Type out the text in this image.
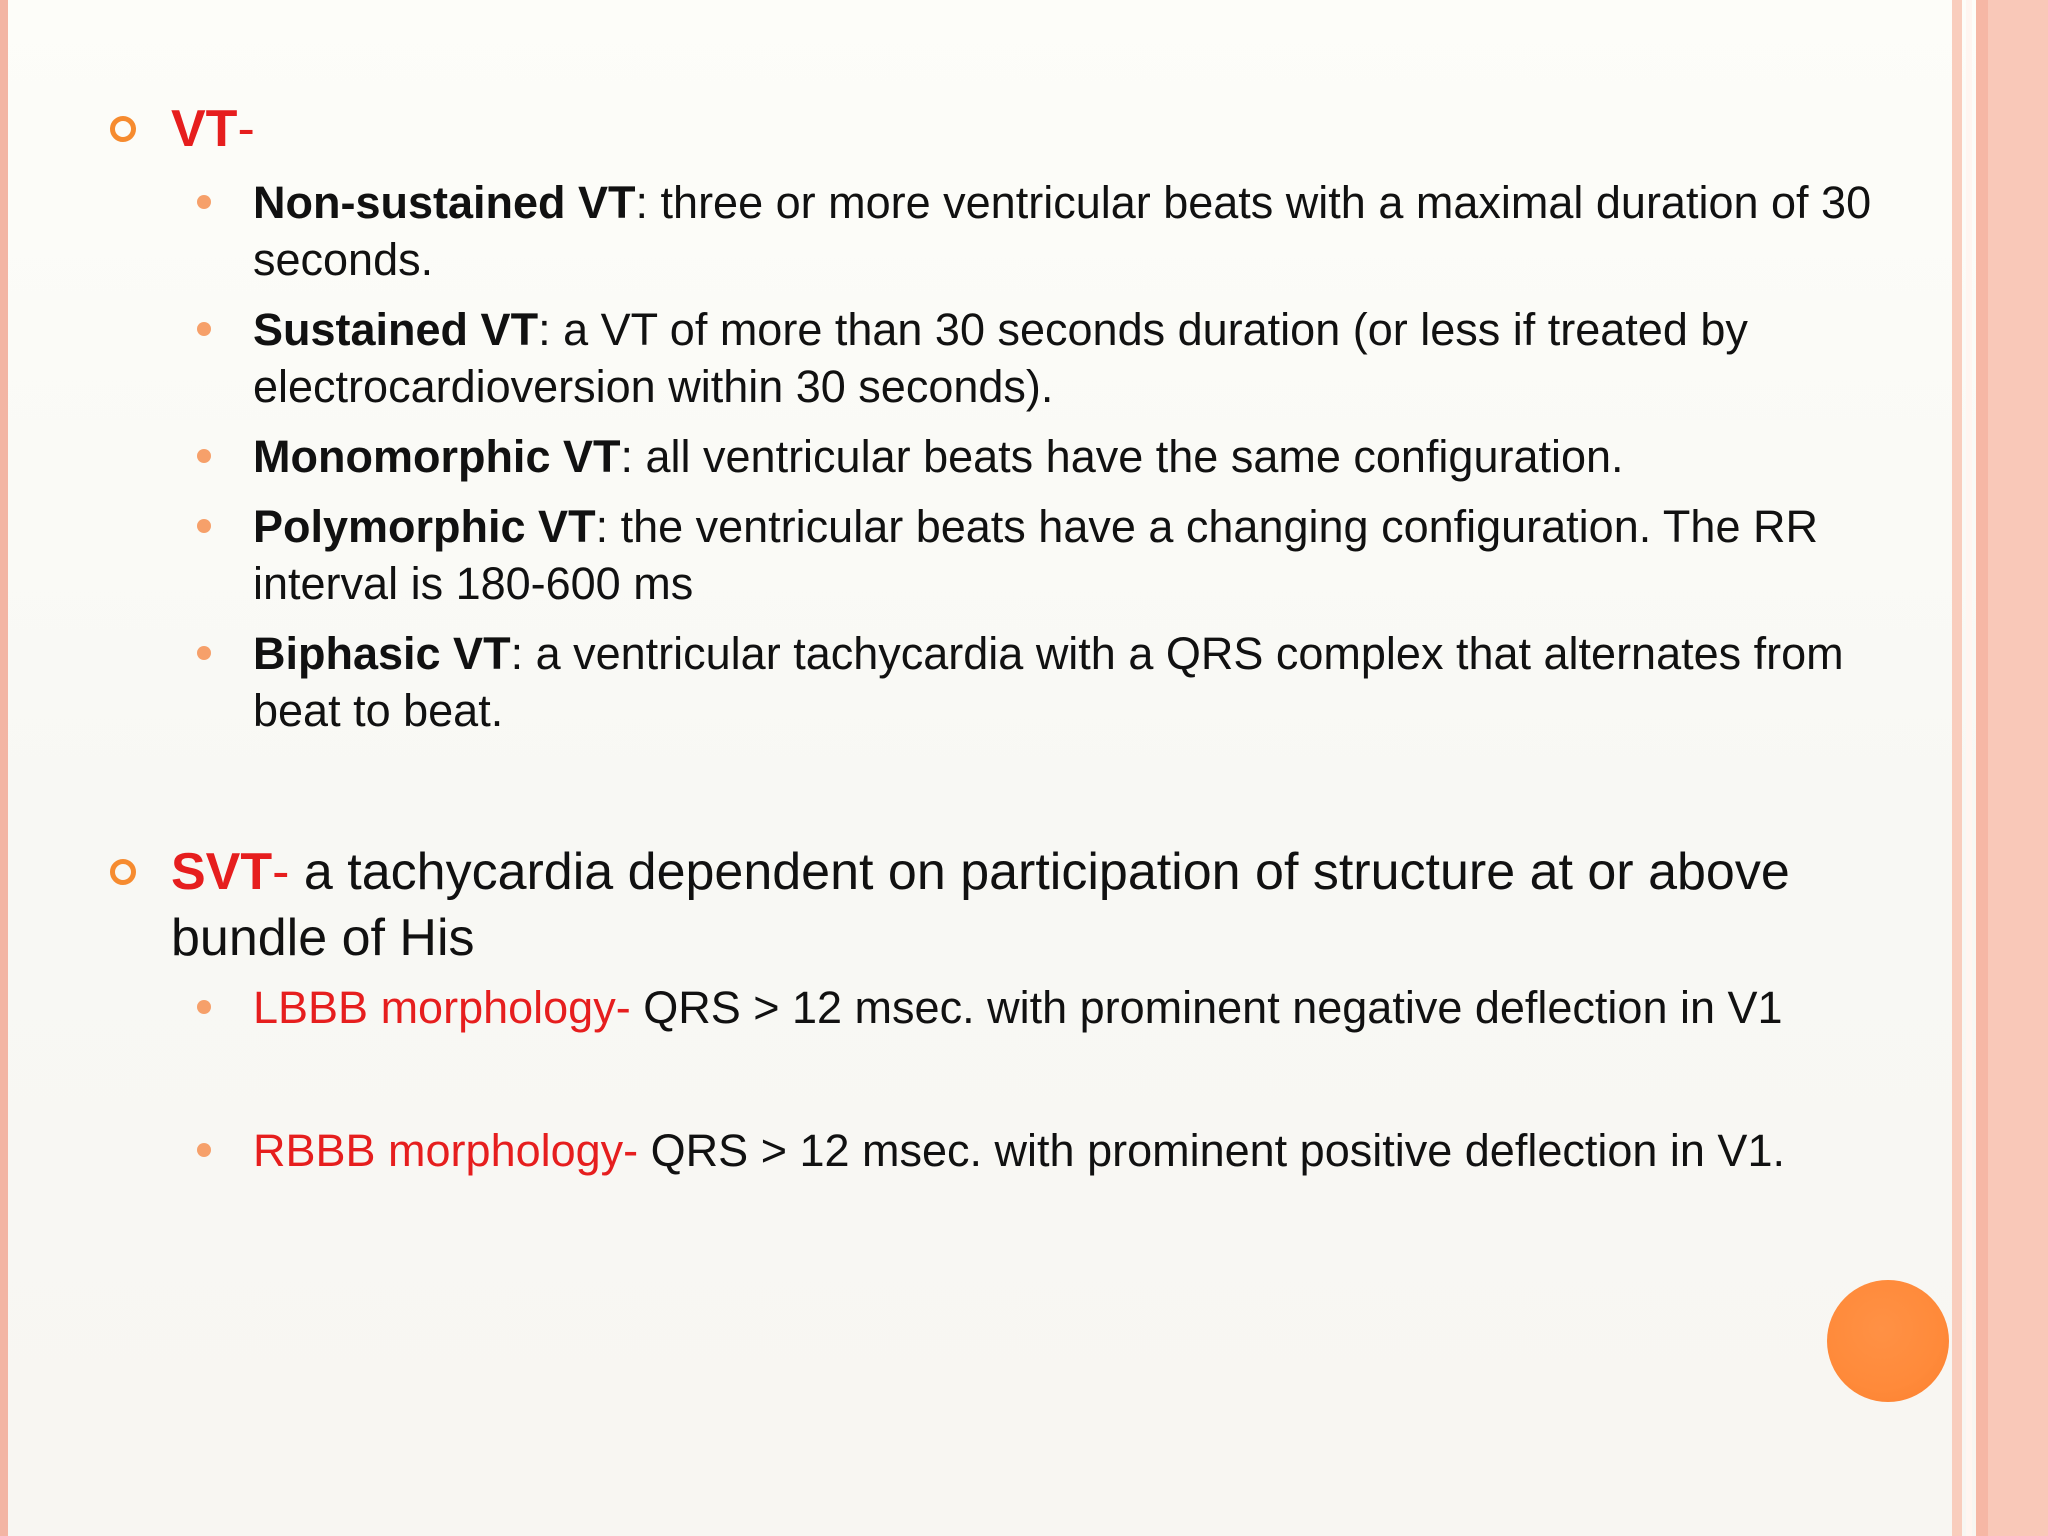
VT-
Non-sustained VT: three or more ventricular beats with a maximal duration of 30 seconds.
Sustained VT: a VT of more than 30 seconds duration (or less if treated by electrocardioversion within 30 seconds).
Monomorphic VT: all ventricular beats have the same configuration.
Polymorphic VT: the ventricular beats have a changing configuration. The RR interval is 180-600 ms
Biphasic VT: a ventricular tachycardia with a QRS complex that alternates from beat to beat.
SVT- a tachycardia dependent on participation of structure at or above bundle of His
LBBB morphology- QRS > 12 msec. with prominent negative deflection in V1
RBBB morphology- QRS > 12 msec. with prominent positive deflection in V1.
